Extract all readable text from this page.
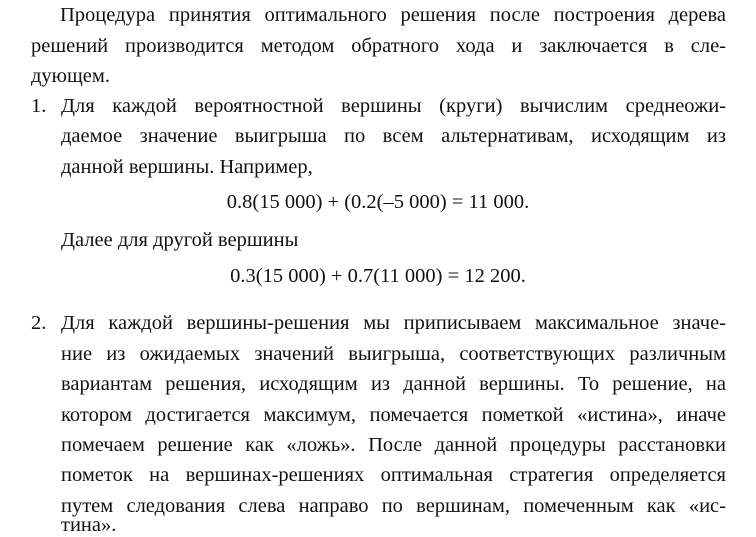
Процедура принятия оптимального решения после построения дерева
решений производится методом обратного хода и заключается в сле-
дующем.
1. Для каждой вероятностной вершины (круги) вычислим среднеожи-
даемое значение выигрыша по всем альтернативам, исходящим из
данной вершины. Например,
0.8(15 000) + (0.2(–5 000) = 11 000.
Далее для другой вершины
0.3(15 000) + 0.7(11 000) = 12 200.
2. Для каждой вершины-решения мы приписываем максимальное значе-
ние из ожидаемых значений выигрыша, соответствующих различным
вариантам решения, исходящим из данной вершины. То решение, на
котором достигается максимум, помечается пометкой «истина», иначе
помечаем решение как «ложь». После данной процедуры расстановки
пометок на вершинах-решениях оптимальная стратегия определяется
путем следования слева направо по вершинам, помеченным как «ис-
тина».
